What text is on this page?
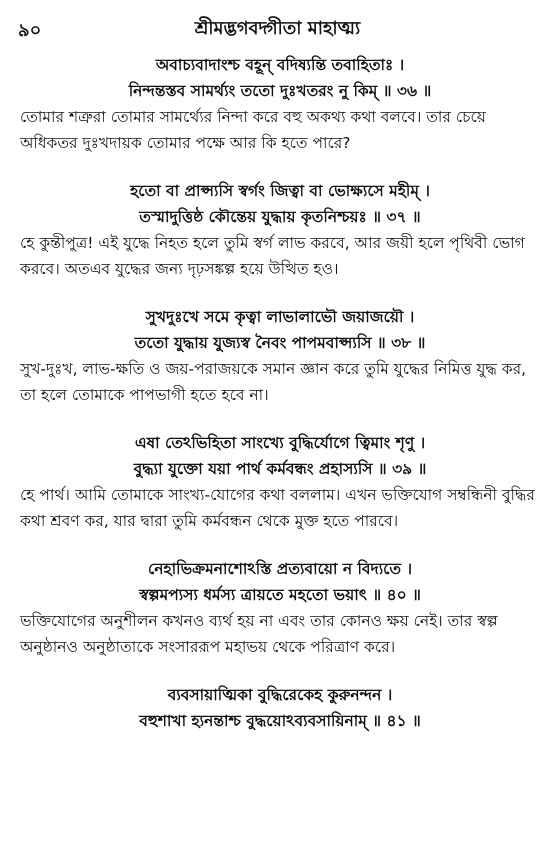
৯০	শ্রীমদ্ভগবদ্গীতা মাহাত্ম্য
অবাচ্যবাদাংশ্চ বহূন্ বদিষ্যন্তি তবাহিতাঃ ।
নিন্দন্তস্তব সামর্থ্যং ততো দুঃখতরং নু কিম্ ॥ ৩৬ ॥
তোমার শত্রুরা তোমার সামর্থ্যের নিন্দা করে বহু অকথ্য কথা বলবে। তার চেয়ে অধিকতর দুঃখদায়ক তোমার পক্ষে আর কি হতে পারে?
হতো বা প্রাপ্স্যসি স্বর্গং জিত্বা বা ভোক্ষ্যসে মহীম্ ।
তস্মাদুত্তিষ্ঠ কৌন্তেয় যুদ্ধায় কৃতনিশ্চয়ঃ ॥ ৩৭ ॥
হে কুন্তীপুত্র! এই যুদ্ধে নিহত হলে তুমি স্বর্গ লাভ করবে, আর জয়ী হলে পৃথিবী ভোগ করবে। অতএব যুদ্ধের জন্য দৃঢ়সঙ্কল্প হয়ে উত্থিত হও।
সুখদুঃখে সমে কৃত্বা লাভালাভৌ জয়াজয়ৌ ।
ততো যুদ্ধায় যুজ্যস্ব নৈবং পাপমবাপ্স্যসি ॥ ৩৮ ॥
সুখ-দুঃখ, লাভ-ক্ষতি ও জয়-পরাজয়কে সমান জ্ঞান করে তুমি যুদ্ধের নিমিত্ত যুদ্ধ কর, তা হলে তোমাকে পাপভাগী হতে হবে না।
এষা তেঽভিহিতা সাংখ্যে বুদ্ধির্যোগে ত্বিমাং শৃণু ।
বুদ্ধ্যা যুক্তো যয়া পার্থ কর্মবন্ধং প্রহাস্যসি ॥ ৩৯ ॥
হে পার্থ। আমি তোমাকে সাংখ্য-যোগের কথা বললাম। এখন ভক্তিযোগ সম্বন্ধিনী বুদ্ধির কথা শ্রবণ কর, যার দ্বারা তুমি কর্মবন্ধন থেকে মুক্ত হতে পারবে।
নেহাভিক্রমনাশোঽস্তি প্রত্যবায়ো ন বিদ্যতে ।
স্বল্পমপ্যস্য ধর্মস্য ত্রায়তে মহতো ভয়াৎ ॥ ৪০ ॥
ভক্তিযোগের অনুশীলন কখনও ব্যর্থ হয় না এবং তার কোনও ক্ষয় নেই। তার স্বল্প অনুষ্ঠানও অনুষ্ঠাতাকে সংসাররূপ মহাভয় থেকে পরিত্রাণ করে।
ব্যবসায়াত্মিকা বুদ্ধিরেকেহ কুরুনন্দন ।
বহুশাখা হ্যনন্তাশ্চ বুদ্ধয়োঽব্যবসায়িনাম্ ॥ ৪১ ॥
